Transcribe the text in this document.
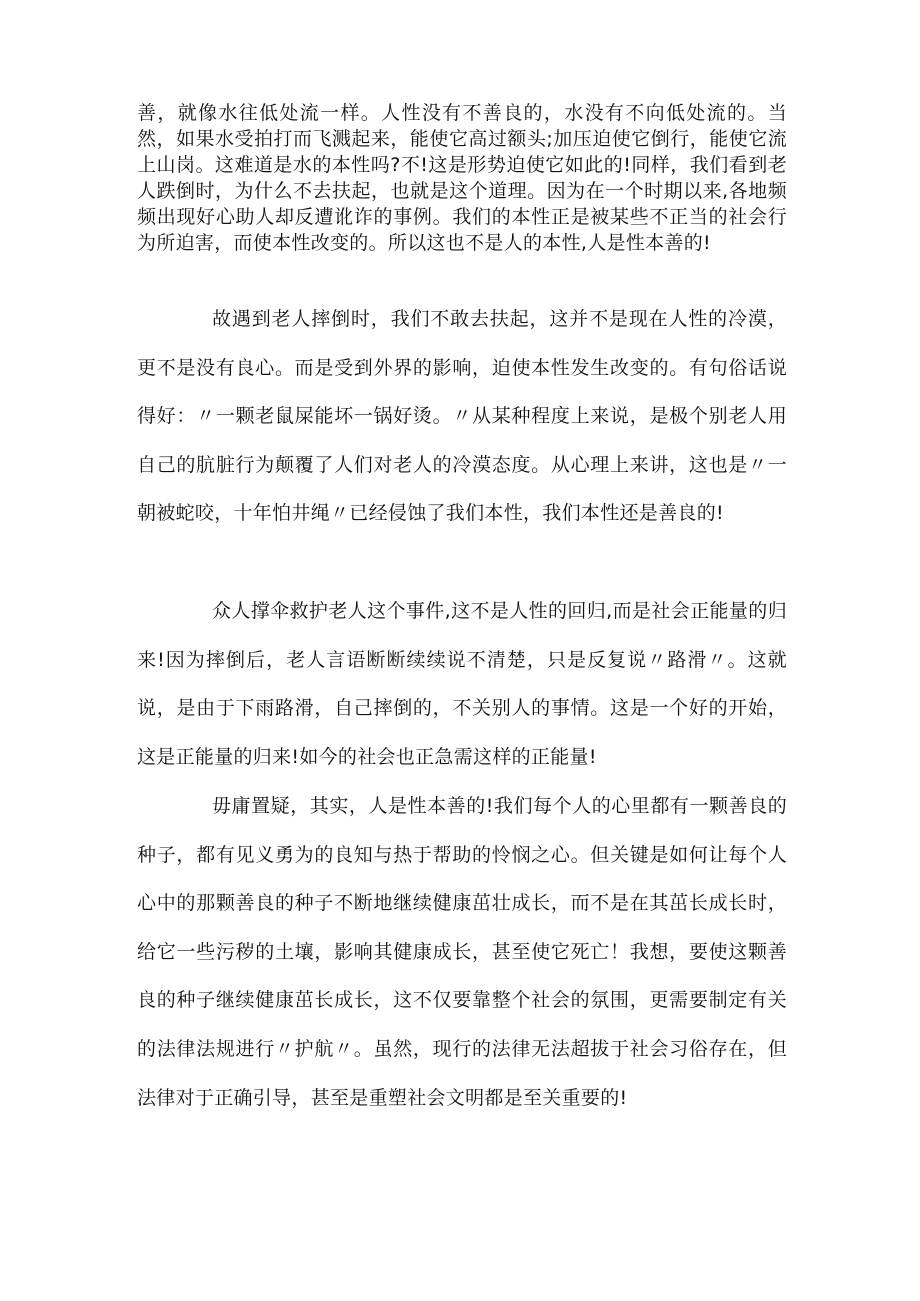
善，就像水往低处流一样。人性没有不善良的，水没有不向低处流的。当然，如果水受拍打而飞溅起来，能使它高过额头;加压迫使它倒行，能使它流上山岗。这难道是水的本性吗?不!这是形势迫使它如此的!同样，我们看到老人跌倒时，为什么不去扶起，也就是这个道理。因为在一个时期以来,各地频频出现好心助人却反遭讹诈的事例。我们的本性正是被某些不正当的社会行为所迫害，而使本性改变的。所以这也不是人的本性,人是性本善的!

故遇到老人摔倒时，我们不敢去扶起，这并不是现在人性的冷漠，更不是没有良心。而是受到外界的影响，迫使本性发生改变的。有句俗话说得好：〃一颗老鼠屎能坏一锅好烫。〃从某种程度上来说，是极个别老人用自己的肮脏行为颠覆了人们对老人的冷漠态度。从心理上来讲，这也是〃一朝被蛇咬，十年怕井绳〃已经侵蚀了我们本性，我们本性还是善良的!

众人撑伞救护老人这个事件,这不是人性的回归,而是社会正能量的归来!因为摔倒后，老人言语断断续续说不清楚，只是反复说〃路滑〃。这就说，是由于下雨路滑，自己摔倒的，不关别人的事情。这是一个好的开始，这是正能量的归来!如今的社会也正急需这样的正能量!

毋庸置疑，其实，人是性本善的!我们每个人的心里都有一颗善良的种子，都有见义勇为的良知与热于帮助的怜悯之心。但关键是如何让每个人心中的那颗善良的种子不断地继续健康茁壮成长，而不是在其茁长成长时，给它一些污秽的土壤，影响其健康成长，甚至使它死亡！我想，要使这颗善良的种子继续健康茁长成长，这不仅要靠整个社会的氛围，更需要制定有关的法律法规进行〃护航〃。虽然，现行的法律无法超拔于社会习俗存在，但法律对于正确引导，甚至是重塑社会文明都是至关重要的!
